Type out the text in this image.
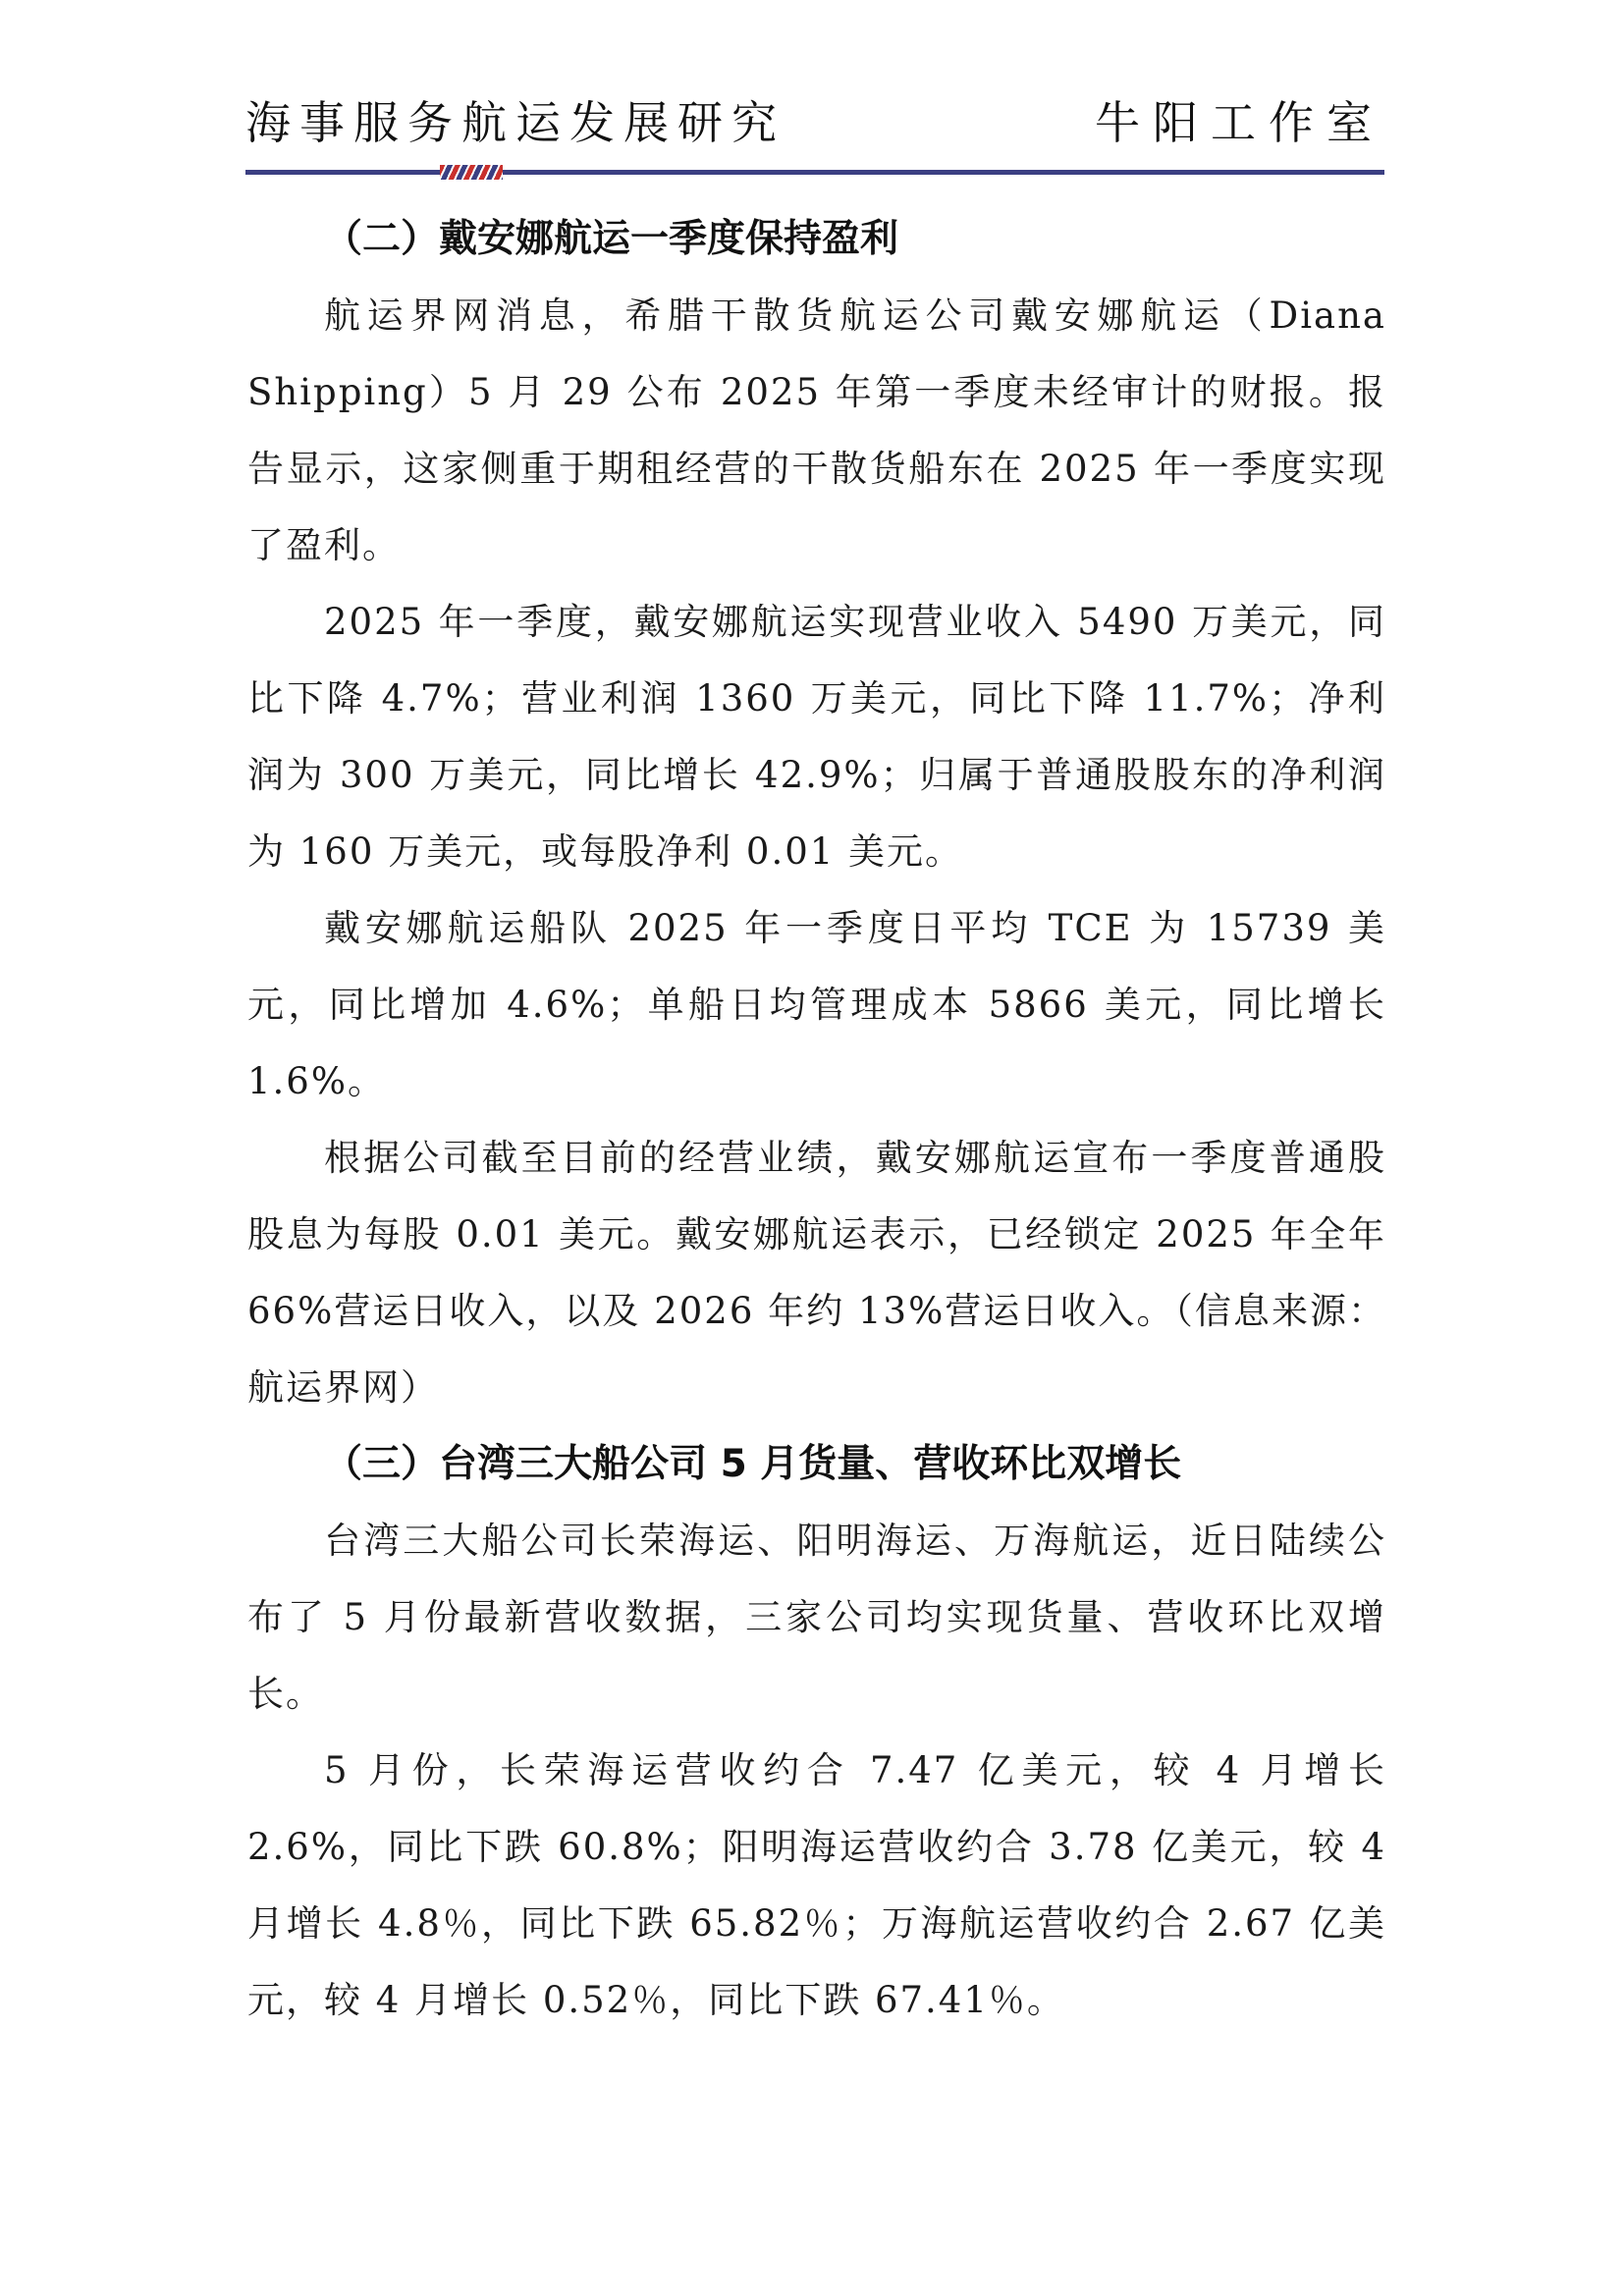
海事服务航运发展研究	牛阳工作室
（二）戴安娜航运一季度保持盈利

航运界网消息，希腊干散货航运公司戴安娜航运（Diana Shipping）5 月 29 公布 2025 年第一季度未经审计的财报。报告显示，这家侧重于期租经营的干散货船东在 2025 年一季度实现了盈利。

2025 年一季度，戴安娜航运实现营业收入 5490 万美元，同比下降 4.7%；营业利润 1360 万美元，同比下降 11.7%；净利润为 300 万美元，同比增长 42.9%；归属于普通股股东的净利润为 160 万美元，或每股净利 0.01 美元。

戴安娜航运船队 2025 年一季度日平均 TCE 为 15739 美元，同比增加 4.6%；单船日均管理成本 5866 美元，同比增长 1.6%。

根据公司截至目前的经营业绩，戴安娜航运宣布一季度普通股股息为每股 0.01 美元。戴安娜航运表示，已经锁定 2025 年全年 66%营运日收入，以及 2026 年约 13%营运日收入。（信息来源：航运界网）

（三）台湾三大船公司 5 月货量、营收环比双增长

台湾三大船公司长荣海运、阳明海运、万海航运，近日陆续公布了 5 月份最新营收数据，三家公司均实现货量、营收环比双增长。

5 月份，长荣海运营收约合 7.47 亿美元，较 4 月增长 2.6%，同比下跌 60.8%；阳明海运营收约合 3.78 亿美元，较 4 月增长 4.8％，同比下跌 65.82％；万海航运营收约合 2.67 亿美元，较 4 月增长 0.52％，同比下跌 67.41％。
